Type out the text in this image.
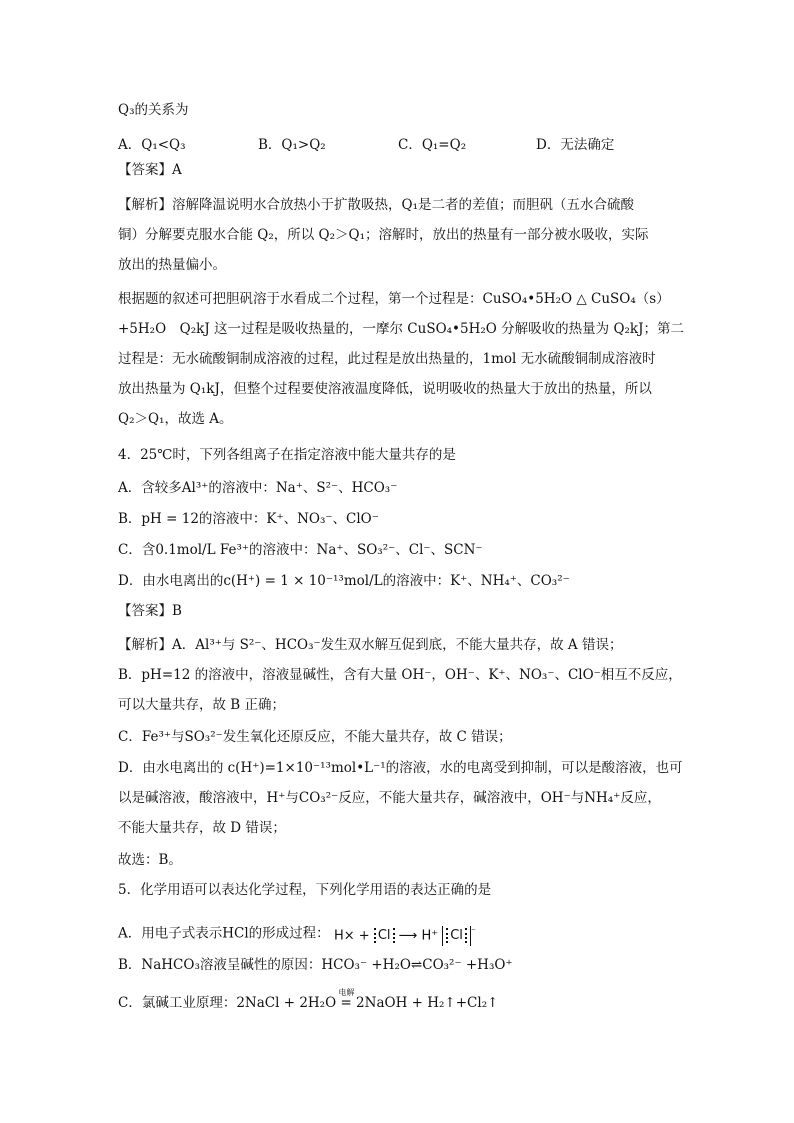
Q₃的关系为
A．Q₁<Q₃	B．Q₁>Q₂	C．Q₁=Q₂	D．无法确定
【答案】A
【解析】溶解降温说明水合放热小于扩散吸热，Q₁是二者的差值；而胆矾（五水合硫酸
铜）分解要克服水合能 Q₂，所以 Q₂＞Q₁；溶解时，放出的热量有一部分被水吸收，实际
放出的热量偏小。
根据题的叙述可把胆矾溶于水看成二个过程，第一个过程是：CuSO₄•5H₂O △ CuSO₄（s）
+5H₂O　Q₂kJ 这一过程是吸收热量的，一摩尔 CuSO₄•5H₂O 分解吸收的热量为 Q₂kJ；第二
过程是：无水硫酸铜制成溶液的过程，此过程是放出热量的，1mol 无水硫酸铜制成溶液时
放出热量为 Q₁kJ，但整个过程要使溶液温度降低，说明吸收的热量大于放出的热量，所以
Q₂＞Q₁，故选 A。
4．25℃时，下列各组离子在指定溶液中能大量共存的是
A．含较多Al³⁺的溶液中：Na⁺、S²⁻、HCO₃⁻
B．pH = 12的溶液中：K⁺、NO₃⁻、ClO⁻
C．含0.1mol/L Fe³⁺的溶液中：Na⁺、SO₃²⁻、Cl⁻、SCN⁻
D．由水电离出的c(H⁺) = 1 × 10⁻¹³mol/L的溶液中：K⁺、NH₄⁺、CO₃²⁻
【答案】B
【解析】A．Al³⁺与 S²⁻、HCO₃⁻发生双水解互促到底，不能大量共存，故 A 错误；
B．pH=12 的溶液中，溶液显碱性，含有大量 OH⁻，OH⁻、K⁺、NO₃⁻、ClO⁻相互不反应，
可以大量共存，故 B 正确；
C．Fe³⁺与SO₃²⁻发生氧化还原反应，不能大量共存，故 C 错误；
D．由水电离出的 c(H⁺)=1×10⁻¹³mol•L⁻¹的溶液，水的电离受到抑制，可以是酸溶液，也可
以是碱溶液，酸溶液中，H⁺与CO₃²⁻反应，不能大量共存，碱溶液中，OH⁻与NH₄⁺反应，
不能大量共存，故 D 错误；
故选：B。
5．化学用语可以表达化学过程，下列化学用语的表达正确的是
A．用电子式表示HCl的形成过程： H× + Cl ⟶ H⁺ Cl ⁻
B．NaHCO₃溶液呈碱性的原因：HCO₃⁻ +H₂O⇌CO₃²⁻ +H₃O⁺
C．氯碱工业原理：2NaCl + 2H₂O
电解
= 2NaOH + H₂↑+Cl₂↑
